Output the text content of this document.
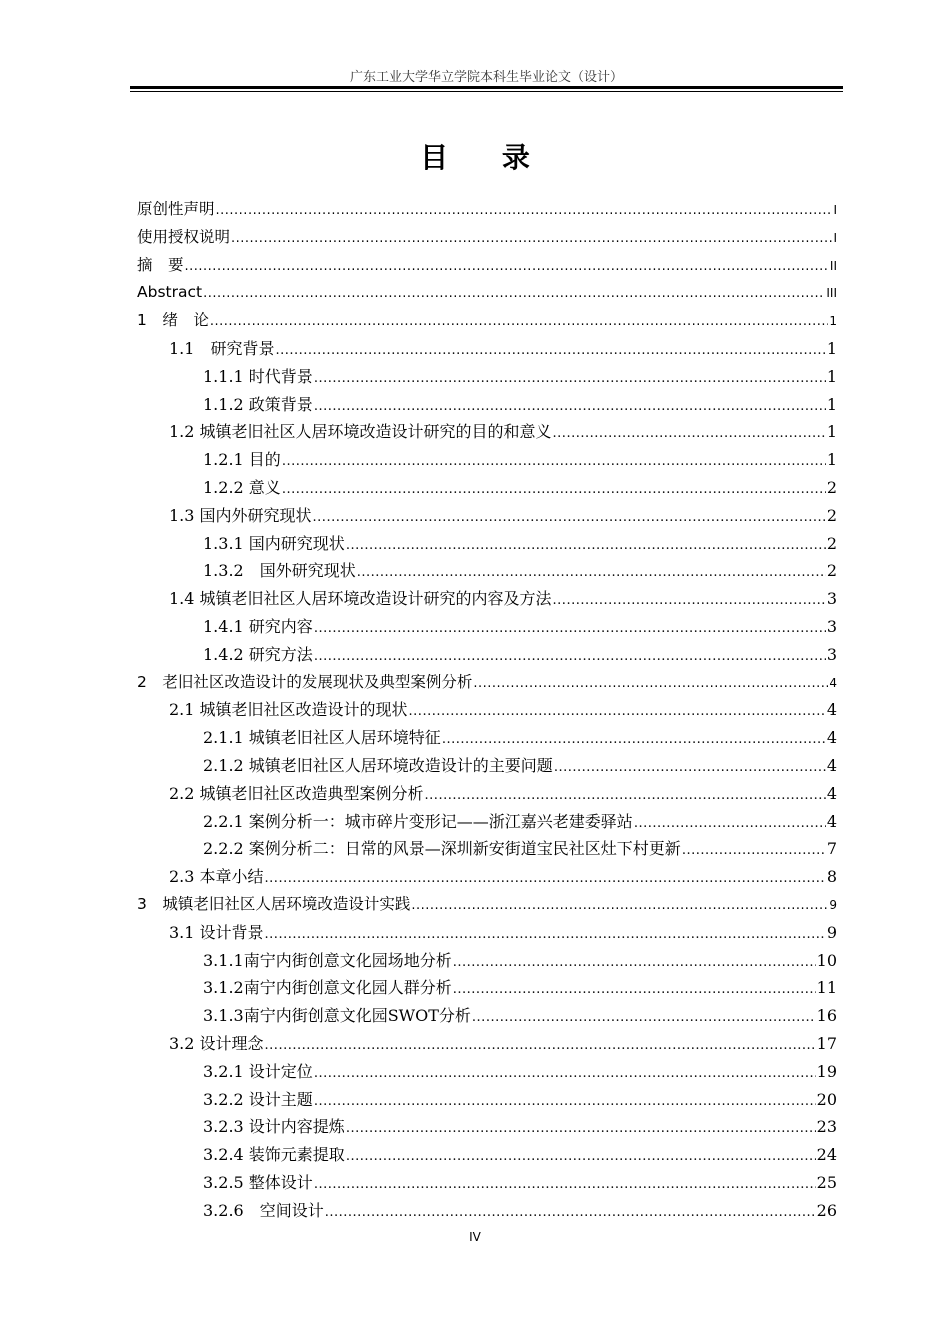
广东工业大学华立学院本科生毕业论文（设计）
目 录
原创性声明 .....	I
使用授权说明 .....	I
摘　要 .....	II
Abstract .....	III
1　绪　论 .....	1
1.1　研究背景 .....	1
1.1.1 时代背景 .....	1
1.1.2 政策背景 .....	1
1.2 城镇老旧社区人居环境改造设计研究的目的和意义 .....	1
1.2.1 目的 .....	1
1.2.2 意义 .....	2
1.3 国内外研究现状 .....	2
1.3.1 国内研究现状 .....	2
1.3.2　国外研究现状 .....	2
1.4 城镇老旧社区人居环境改造设计研究的内容及方法 .....	3
1.4.1 研究内容 .....	3
1.4.2 研究方法 .....	3
2　老旧社区改造设计的发展现状及典型案例分析 .....	4
2.1 城镇老旧社区改造设计的现状 .....	4
2.1.1 城镇老旧社区人居环境特征 .....	4
2.1.2 城镇老旧社区人居环境改造设计的主要问题 .....	4
2.2 城镇老旧社区改造典型案例分析 .....	4
2.2.1 案例分析一：城市碎片变形记——浙江嘉兴老建委驿站 .....	4
2.2.2 案例分析二：日常的风景—深圳新安街道宝民社区灶下村更新 .....	7
2.3 本章小结 .....	8
3　城镇老旧社区人居环境改造设计实践 .....	9
3.1 设计背景 .....	9
3.1.1南宁内街创意文化园场地分析 .....	10
3.1.2南宁内街创意文化园人群分析 .....	11
3.1.3南宁内街创意文化园SWOT分析 .....	16
3.2 设计理念 .....	17
3.2.1 设计定位 .....	19
3.2.2 设计主题 .....	20
3.2.3 设计内容提炼 .....	23
3.2.4 装饰元素提取 .....	24
3.2.5 整体设计 .....	25
3.2.6　空间设计 .....	26
IV
